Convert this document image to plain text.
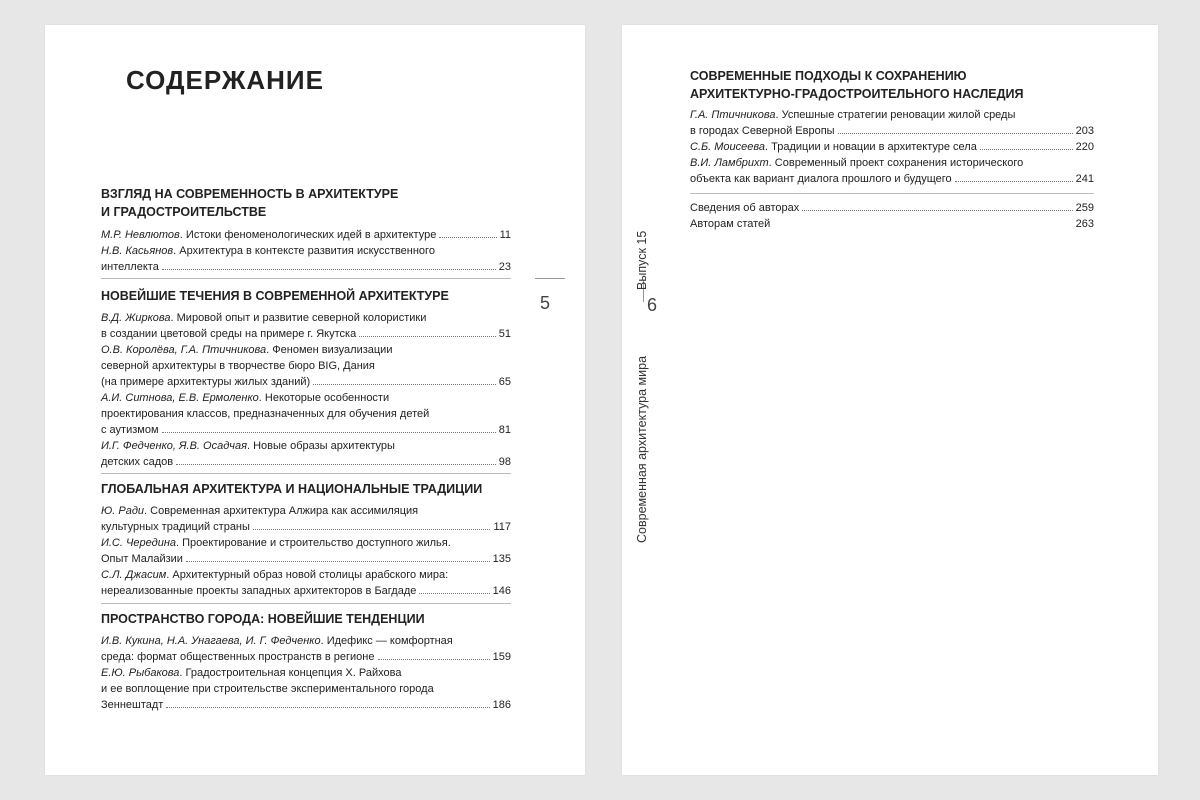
СОДЕРЖАНИЕ
ВЗГЛЯД НА СОВРЕМЕННОСТЬ В АРХИТЕКТУРЕ
И ГРАДОСТРОИТЕЛЬСТВЕ
М.Р. Невлютов. Истоки феноменологических идей в архитектуре	11
Н.В. Касьянов. Архитектура в контексте развития искусственного
интеллекта	23
НОВЕЙШИЕ ТЕЧЕНИЯ В СОВРЕМЕННОЙ АРХИТЕКТУРЕ
В.Д. Жиркова. Мировой опыт и развитие северной колористики
в создании цветовой среды на примере г. Якутска	51
О.В. Королёва, Г.А. Птичникова. Феномен визуализации
северной архитектуры в творчестве бюро BIG, Дания
(на примере архитектуры жилых зданий)	65
А.И. Ситнова, Е.В. Ермоленко. Некоторые особенности
проектирования классов, предназначенных для обучения детей
с аутизмом	81
И.Г. Федченко, Я.В. Осадчая. Новые образы архитектуры
детских садов	98
ГЛОБАЛЬНАЯ АРХИТЕКТУРА И НАЦИОНАЛЬНЫЕ ТРАДИЦИИ
Ю. Ради. Современная архитектура Алжира как ассимиляция
культурных традиций страны	117
И.С. Чередина. Проектирование и строительство доступного жилья.
Опыт Малайзии	135
С.Л. Джасим. Архитектурный образ новой столицы арабского мира:
нереализованные проекты западных архитекторов в Багдаде	146
ПРОСТРАНСТВО ГОРОДА: НОВЕЙШИЕ ТЕНДЕНЦИИ
И.В. Кукина, Н.А. Унагаева, И. Г. Федченко. Идефикс — комфортная
среда: формат общественных пространств в регионе	159
Е.Ю. Рыбакова. Градостроительная концепция Х. Райхова
и ее воплощение при строительстве экспериментального города
Зеннештадт	186
5
Современная архитектура мира
Выпуск 15
6
СОВРЕМЕННЫЕ ПОДХОДЫ К СОХРАНЕНИЮ
АРХИТЕКТУРНО-ГРАДОСТРОИТЕЛЬНОГО НАСЛЕДИЯ
Г.А. Птичникова. Успешные стратегии реновации жилой среды
в городах Северной Европы	203
С.Б. Моисеева. Традиции и новации в архитектуре села	220
В.И. Ламбрихт. Современный проект сохранения исторического
объекта как вариант диалога прошлого и будущего	241
Сведения об авторах	259
Авторам статей	263
